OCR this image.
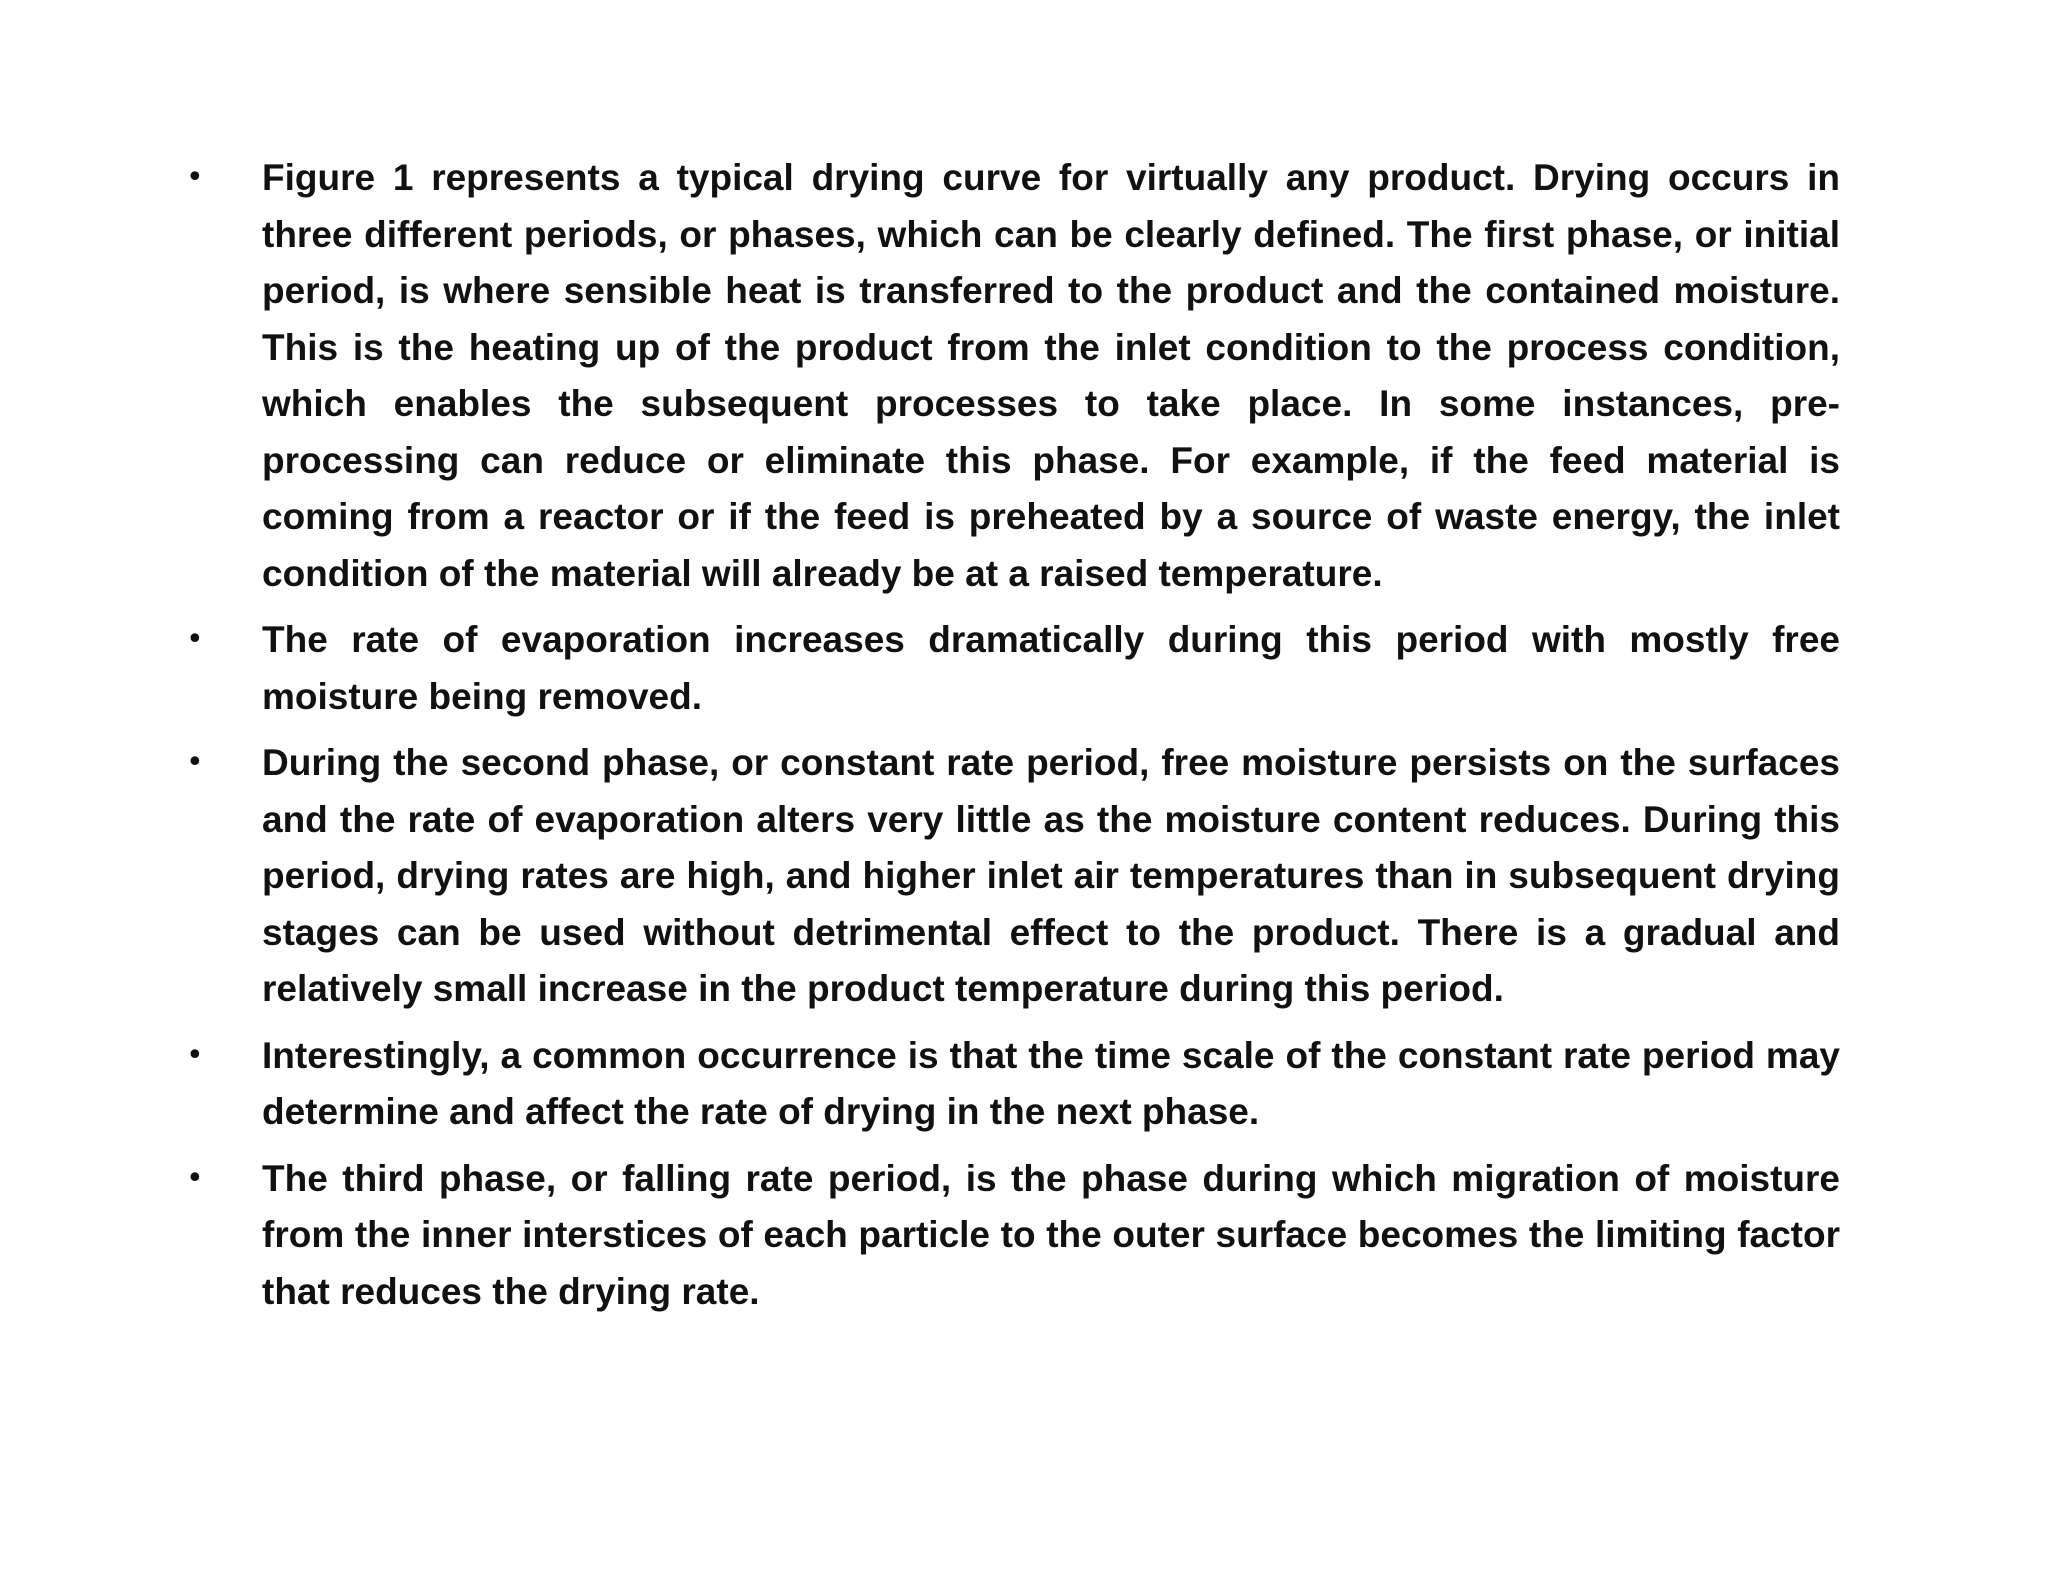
• Figure 1 represents a typical drying curve for virtually any product. Drying occurs in three different periods, or phases, which can be clearly defined. The first phase, or initial period, is where sensible heat is transferred to the product and the contained moisture. This is the heating up of the product from the inlet condition to the process condition, which enables the subsequent processes to take place. In some instances, pre-processing can reduce or eliminate this phase. For example, if the feed material is coming from a reactor or if the feed is preheated by a source of waste energy, the inlet condition of the material will already be at a raised temperature.
• The rate of evaporation increases dramatically during this period with mostly free moisture being removed.
• During the second phase, or constant rate period, free moisture persists on the surfaces and the rate of evaporation alters very little as the moisture content reduces. During this period, drying rates are high, and higher inlet air temperatures than in subsequent drying stages can be used without detrimental effect to the product. There is a gradual and relatively small increase in the product temperature during this period.
• Interestingly, a common occurrence is that the time scale of the constant rate period may determine and affect the rate of drying in the next phase.
• The third phase, or falling rate period, is the phase during which migration of moisture from the inner interstices of each particle to the outer surface becomes the limiting factor that reduces the drying rate.
